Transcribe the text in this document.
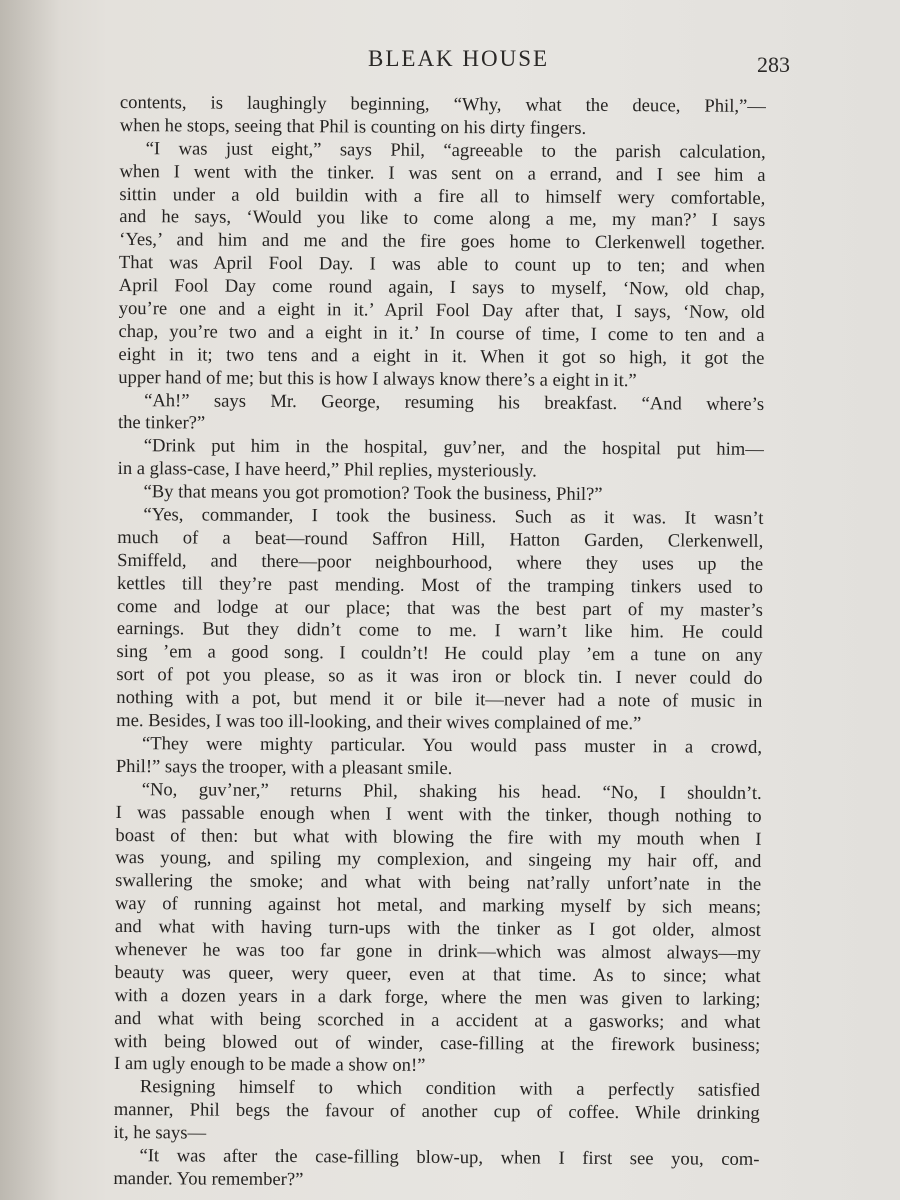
BLEAK HOUSE	283
contents, is laughingly beginning, “Why, what the deuce, Phil,”—
when he stops, seeing that Phil is counting on his dirty fingers.
“I was just eight,” says Phil, “agreeable to the parish calculation,
when I went with the tinker. I was sent on a errand, and I see him a
sittin under a old buildin with a fire all to himself wery comfortable,
and he says, ‘Would you like to come along a me, my man?’ I says
‘Yes,’ and him and me and the fire goes home to Clerkenwell together.
That was April Fool Day. I was able to count up to ten; and when
April Fool Day come round again, I says to myself, ‘Now, old chap,
you’re one and a eight in it.’ April Fool Day after that, I says, ‘Now, old
chap, you’re two and a eight in it.’ In course of time, I come to ten and a
eight in it; two tens and a eight in it. When it got so high, it got the
upper hand of me; but this is how I always know there’s a eight in it.”
“Ah!” says Mr. George, resuming his breakfast. “And where’s
the tinker?”
“Drink put him in the hospital, guv’ner, and the hospital put him—
in a glass-case, I have heerd,” Phil replies, mysteriously.
“By that means you got promotion? Took the business, Phil?”
“Yes, commander, I took the business. Such as it was. It wasn’t
much of a beat—round Saffron Hill, Hatton Garden, Clerkenwell,
Smiffeld, and there—poor neighbourhood, where they uses up the
kettles till they’re past mending. Most of the tramping tinkers used to
come and lodge at our place; that was the best part of my master’s
earnings. But they didn’t come to me. I warn’t like him. He could
sing ’em a good song. I couldn’t! He could play ’em a tune on any
sort of pot you please, so as it was iron or block tin. I never could do
nothing with a pot, but mend it or bile it—never had a note of music in
me. Besides, I was too ill-looking, and their wives complained of me.”
“They were mighty particular. You would pass muster in a crowd,
Phil!” says the trooper, with a pleasant smile.
“No, guv’ner,” returns Phil, shaking his head. “No, I shouldn’t.
I was passable enough when I went with the tinker, though nothing to
boast of then: but what with blowing the fire with my mouth when I
was young, and spiling my complexion, and singeing my hair off, and
swallering the smoke; and what with being nat’rally unfort’nate in the
way of running against hot metal, and marking myself by sich means;
and what with having turn-ups with the tinker as I got older, almost
whenever he was too far gone in drink—which was almost always—my
beauty was queer, wery queer, even at that time. As to since; what
with a dozen years in a dark forge, where the men was given to larking;
and what with being scorched in a accident at a gasworks; and what
with being blowed out of winder, case-filling at the firework business;
I am ugly enough to be made a show on!”
Resigning himself to which condition with a perfectly satisfied
manner, Phil begs the favour of another cup of coffee. While drinking
it, he says—
“It was after the case-filling blow-up, when I first see you, com-
mander. You remember?”
